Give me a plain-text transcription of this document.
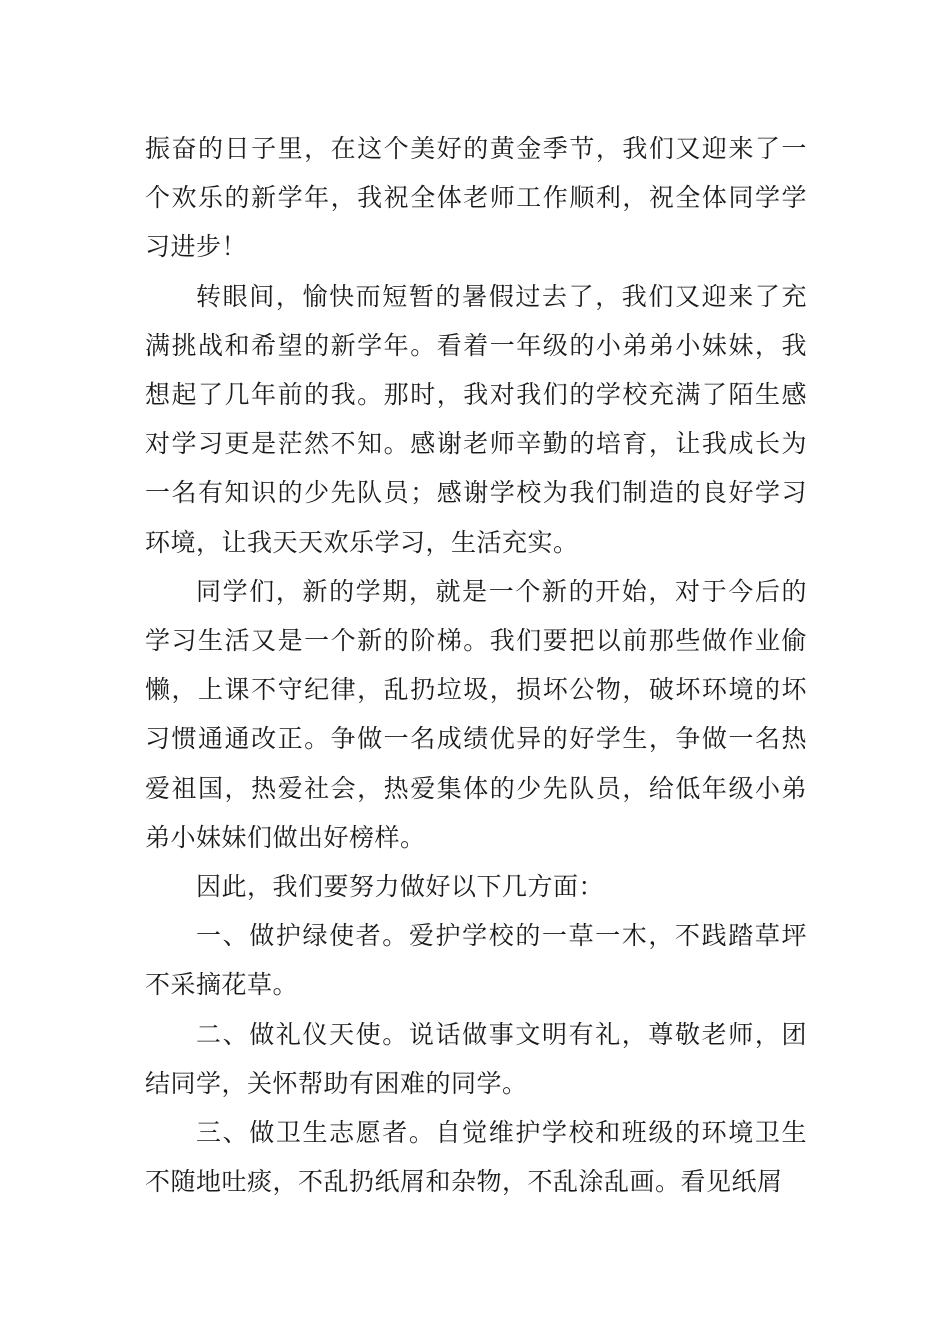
振奋的日子里，在这个美好的黄金季节，我们又迎来了一个欢乐的新学年，我祝全体老师工作顺利，祝全体同学学习进步！

转眼间，愉快而短暂的暑假过去了，我们又迎来了充满挑战和希望的新学年。看着一年级的小弟弟小妹妹，我想起了几年前的我。那时，我对我们的学校充满了陌生感对学习更是茫然不知。感谢老师辛勤的培育，让我成长为一名有知识的少先队员；感谢学校为我们制造的良好学习环境，让我天天欢乐学习，生活充实。

同学们，新的学期，就是一个新的开始，对于今后的学习生活又是一个新的阶梯。我们要把以前那些做作业偷懒，上课不守纪律，乱扔垃圾，损坏公物，破坏环境的坏习惯通通改正。争做一名成绩优异的好学生，争做一名热爱祖国，热爱社会，热爱集体的少先队员，给低年级小弟弟小妹妹们做出好榜样。

因此，我们要努力做好以下几方面：

一、做护绿使者。爱护学校的一草一木，不践踏草坪不采摘花草。

二、做礼仪天使。说话做事文明有礼，尊敬老师，团结同学，关怀帮助有困难的同学。

三、做卫生志愿者。自觉维护学校和班级的环境卫生不随地吐痰，不乱扔纸屑和杂物，不乱涂乱画。看见纸屑
